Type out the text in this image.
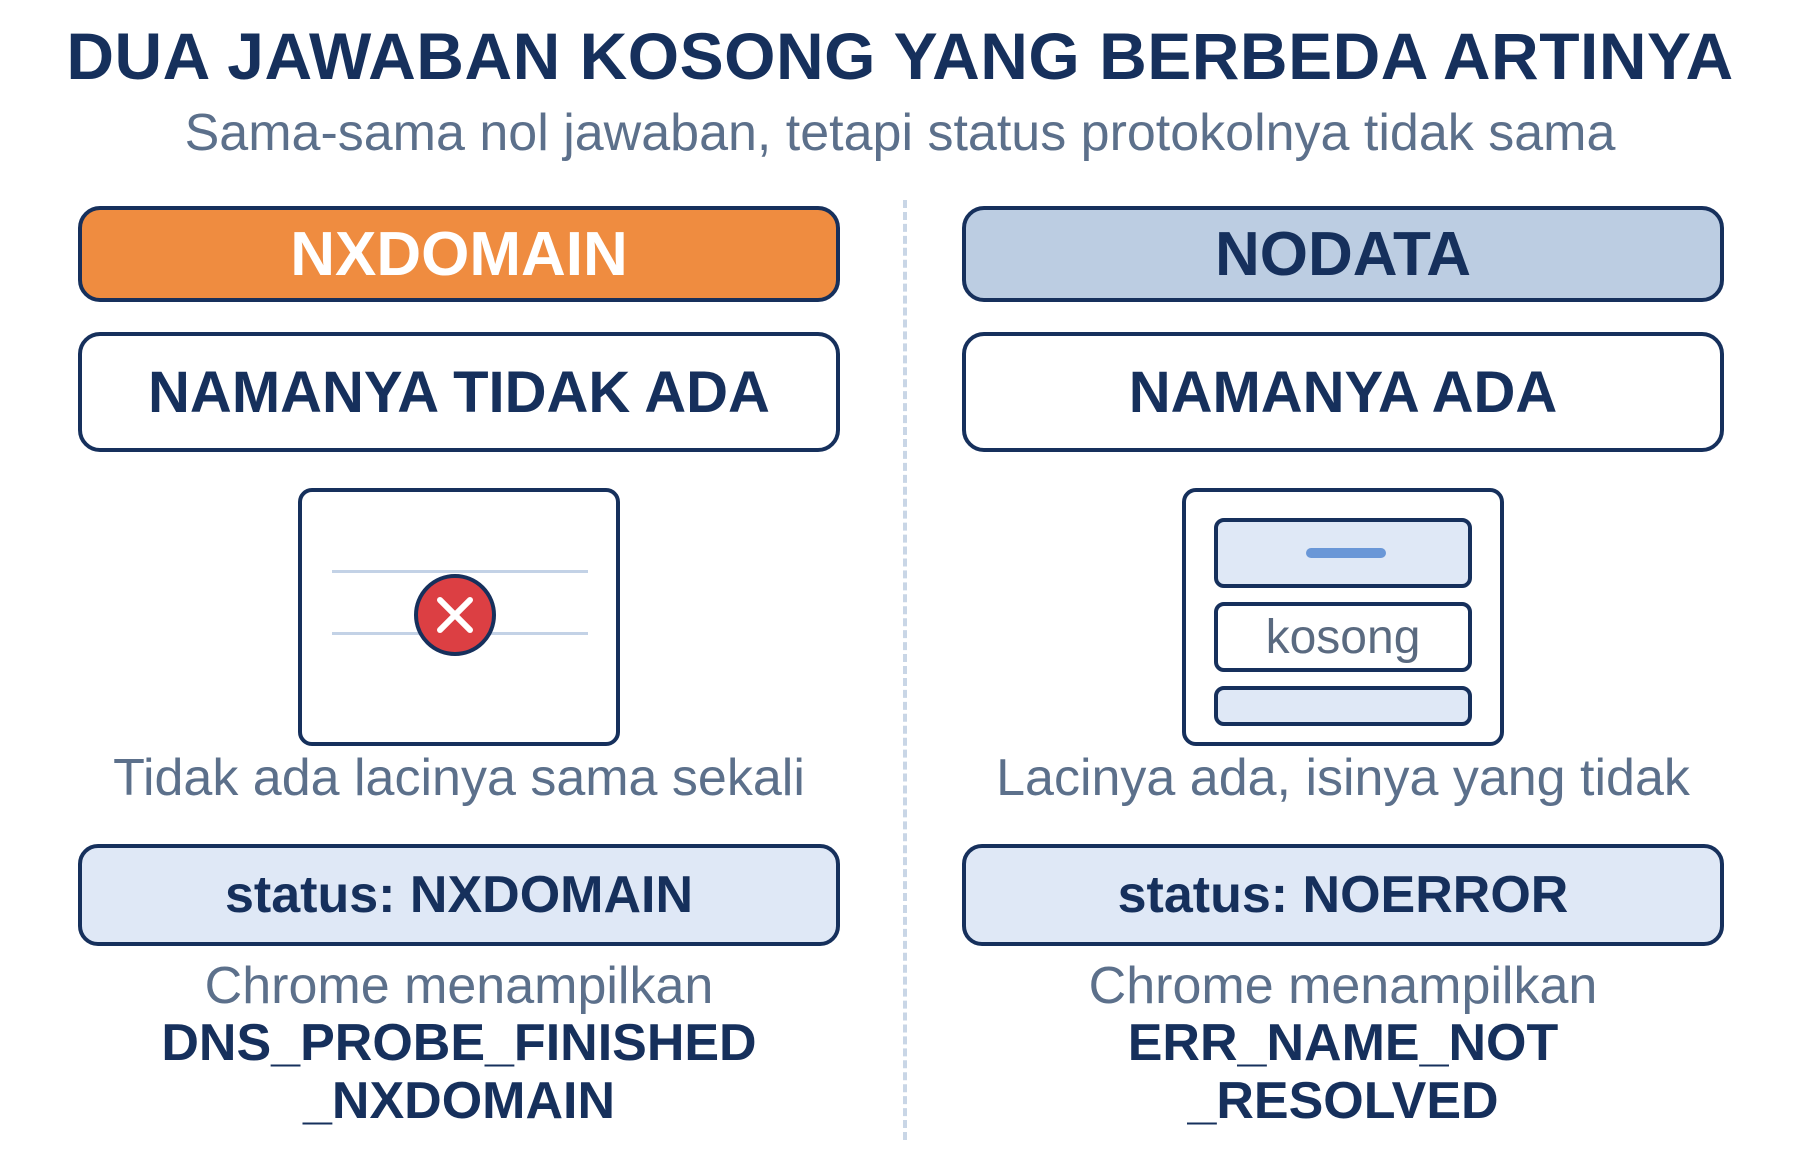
DUA JAWABAN KOSONG YANG BERBEDA ARTINYA
Sama-sama nol jawaban, tetapi status protokolnya tidak sama
NXDOMAIN
NAMANYA TIDAK ADA
Tidak ada lacinya sama sekali
status: NXDOMAIN
Chrome menampilkan
DNS_PROBE_FINISHED
_NXDOMAIN
NODATA
NAMANYA ADA
kosong
Lacinya ada, isinya yang tidak
status: NOERROR
Chrome menampilkan
ERR_NAME_NOT
_RESOLVED
